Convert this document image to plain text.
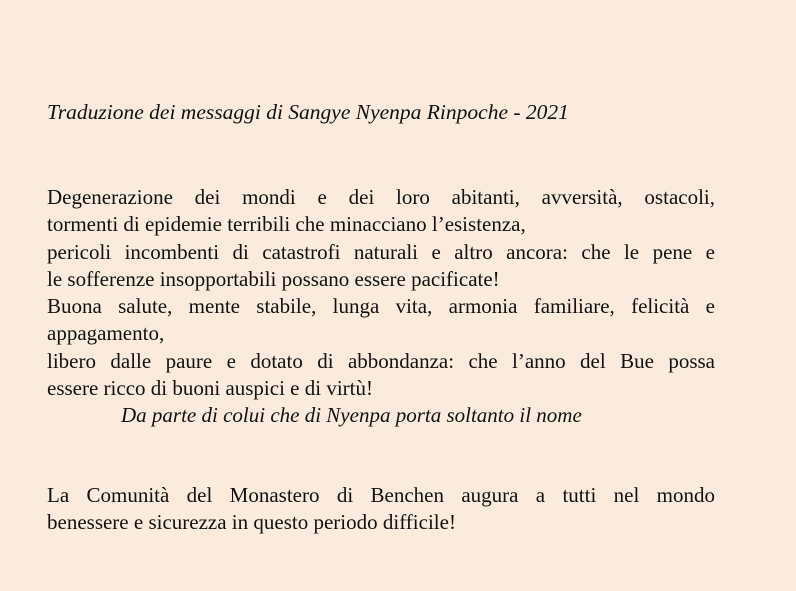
Traduzione dei messaggi di Sangye Nyenpa Rinpoche - 2021
Degenerazione dei mondi e dei loro abitanti, avversità, ostacoli,
tormenti di epidemie terribili che minacciano l’esistenza,
pericoli incombenti di catastrofi naturali e altro ancora: che le pene e
le sofferenze insopportabili possano essere pacificate!
Buona salute, mente stabile, lunga vita, armonia familiare, felicità e
appagamento,
libero dalle paure e dotato di abbondanza: che l’anno del Bue possa
essere ricco di buoni auspici e di virtù!
Da parte di colui che di Nyenpa porta soltanto il nome
La Comunità del Monastero di Benchen augura a tutti nel mondo
benessere e sicurezza in questo periodo difficile!
